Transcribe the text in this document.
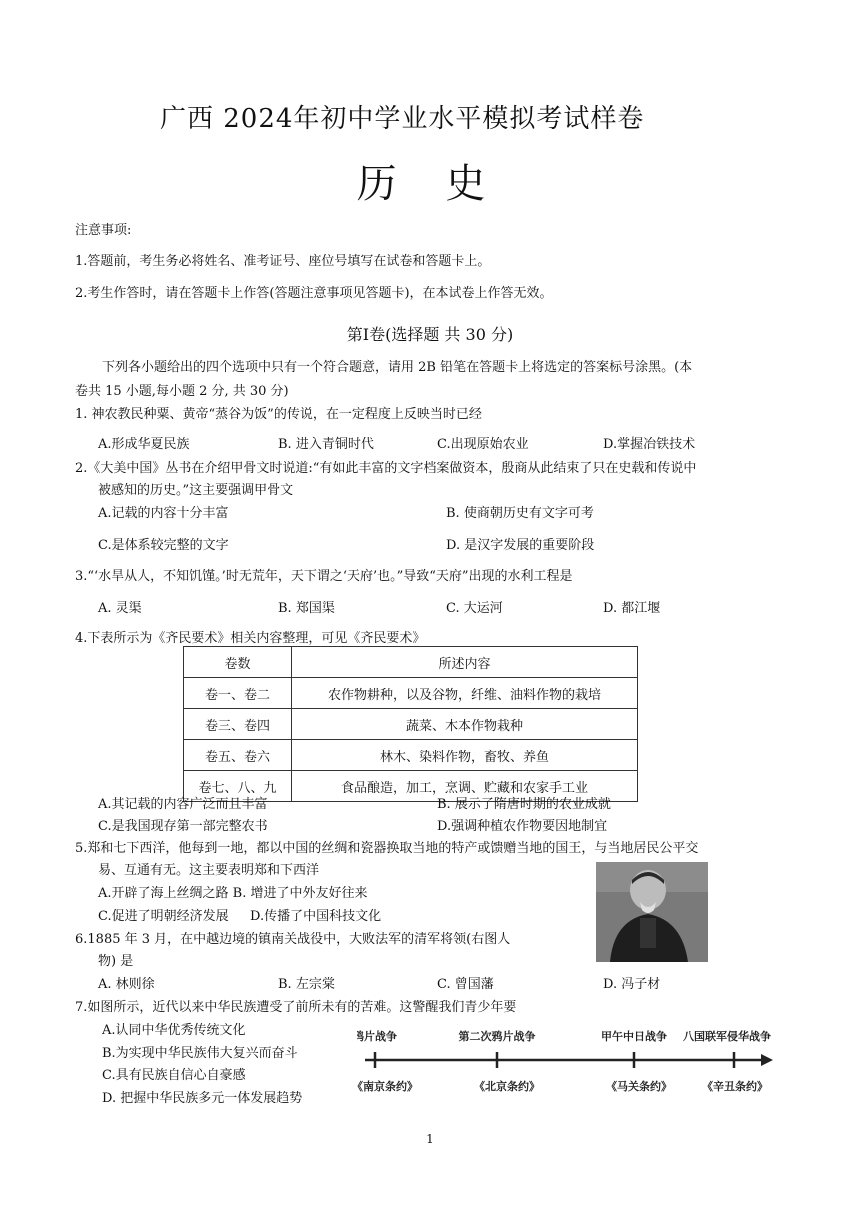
广西 2024年初中学业水平模拟考试样卷
历 史
注意事项:
1.答题前，考生务必将姓名、准考证号、座位号填写在试卷和答题卡上。
2.考生作答时，请在答题卡上作答(答题注意事项见答题卡)，在本试卷上作答无效。
第Ⅰ卷(选择题 共 30 分)
下列各小题给出的四个选项中只有一个符合题意，请用 2B 铅笔在答题卡上将选定的答案标号涂黑。(本
卷共 15 小题,每小题 2 分, 共 30 分)
1. 神农教民种粟、黄帝“蒸谷为饭”的传说，在一定程度上反映当时已经
A.形成华夏民族	B. 进入青铜时代	C.出现原始农业	D.掌握冶铁技术
2.《大美中国》丛书在介绍甲骨文时说道:“有如此丰富的文字档案做资本，殷商从此结束了只在史载和传说中
被感知的历史。”这主要强调甲骨文
A.记载的内容十分丰富	B. 使商朝历史有文字可考
C.是体系较完整的文字	D. 是汉字发展的重要阶段
3.“‘水旱从人，不知饥馑。’时无荒年，天下谓之‘天府’也。”导致“天府”出现的水利工程是
A. 灵渠	B. 郑国渠	C. 大运河	D. 都江堰
4.下表所示为《齐民要术》相关内容整理，可见《齐民要术》
卷数	所述内容
卷一、卷二	农作物耕种，以及谷物，纤维、油料作物的栽培
卷三、卷四	蔬菜、木本作物栽种
卷五、卷六	林木、染料作物，畜牧、养鱼
卷七、八、九	食品酿造，加工，烹调、贮藏和农家手工业
A.其记载的内容广泛而且丰富	B. 展示了隋唐时期的农业成就
C.是我国现存第一部完整农书	D.强调种植农作物要因地制宜
5.郑和七下西洋，他每到一地，都以中国的丝绸和瓷器换取当地的特产或馈赠当地的国王，与当地居民公平交
易、互通有无。这主要表明郑和下西洋
A.开辟了海上丝绸之路 B. 增进了中外友好往来
C.促进了明朝经济发展 D.传播了中国科技文化
6.1885 年 3 月，在中越边境的镇南关战役中，大败法军的清军将领(右图人
物) 是
A. 林则徐	B. 左宗棠	C. 曾国藩	D. 冯子材
7.如图所示，近代以来中华民族遭受了前所未有的苦难。这警醒我们青少年要
A.认同中华优秀传统文化
B.为实现中华民族伟大复兴而奋斗
C.具有民族自信心自豪感
D. 把握中华民族多元一体发展趋势
鸦片战争	第二次鸦片战争	甲午中日战争 八国联军侵华战争
《南京条约》	《北京条约》	《马关条约》	《辛丑条约》
1
